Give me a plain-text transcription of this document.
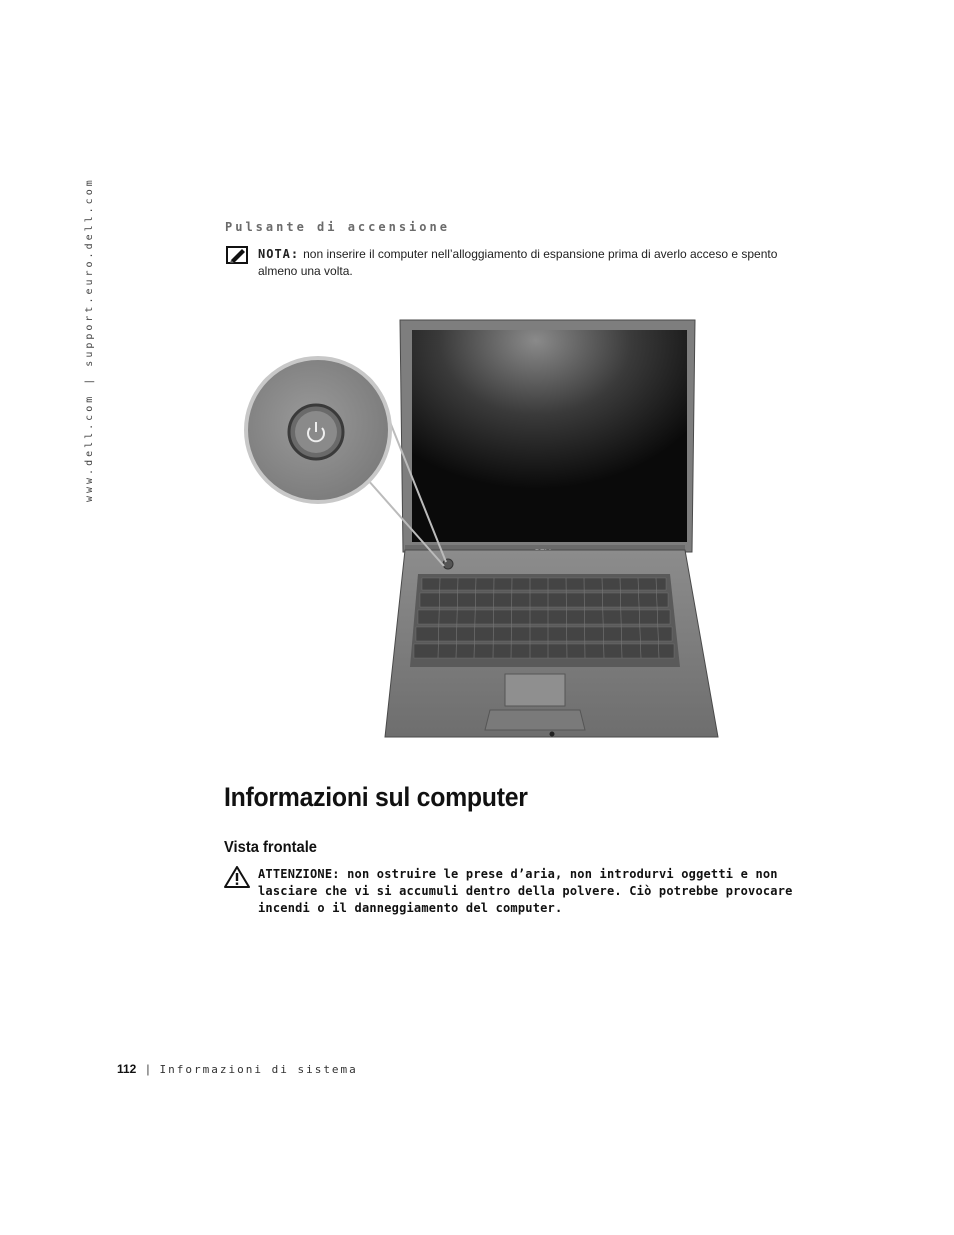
www.dell.com | support.euro.dell.com	Pulsante di accensione
NOTA: non inserire il computer nell’alloggiamento di espansione prima di averlo acceso e spento almeno una volta.
Informazioni sul computer
Vista frontale
ATTENZIONE: non ostruire le prese d’aria, non introdurvi oggetti e non lasciare che vi si accumuli dentro della polvere. Ciò potrebbe provocare incendi o il danneggiamento del computer.
112 | Informazioni di sistema
